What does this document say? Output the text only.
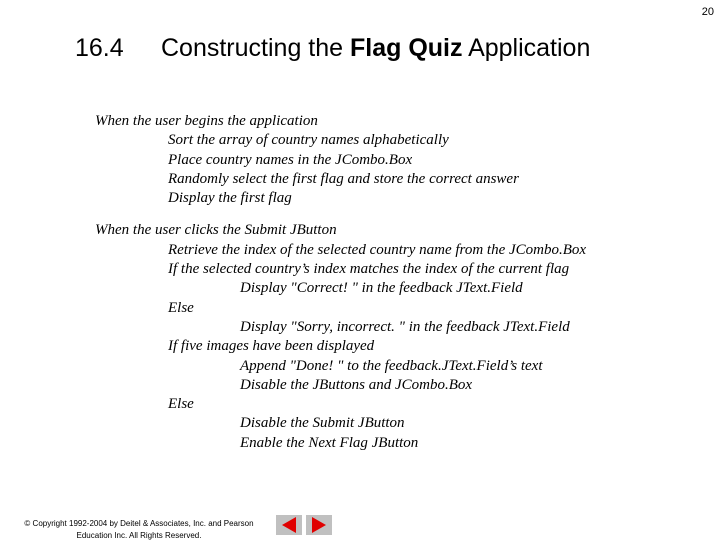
20
16.4 Constructing the Flag Quiz Application
When the user begins the application
Sort the array of country names alphabetically
Place country names in the JCombo.Box
Randomly select the first flag and store the correct answer
Display the first flag
When the user clicks the Submit JButton
Retrieve the index of the selected country name from the JCombo.Box
If the selected country’s index matches the index of the current flag
Display "Correct! " in the feedback JText.Field
Else
Display "Sorry, incorrect. " in the feedback JText.Field
If five images have been displayed
Append "Done! " to the feedback.JText.Field’s text
Disable the JButtons and JCombo.Box
Else
Disable the Submit JButton
Enable the Next Flag JButton
© Copyright 1992-2004 by Deitel & Associates, Inc. and Pearson
Education Inc. All Rights Reserved.
